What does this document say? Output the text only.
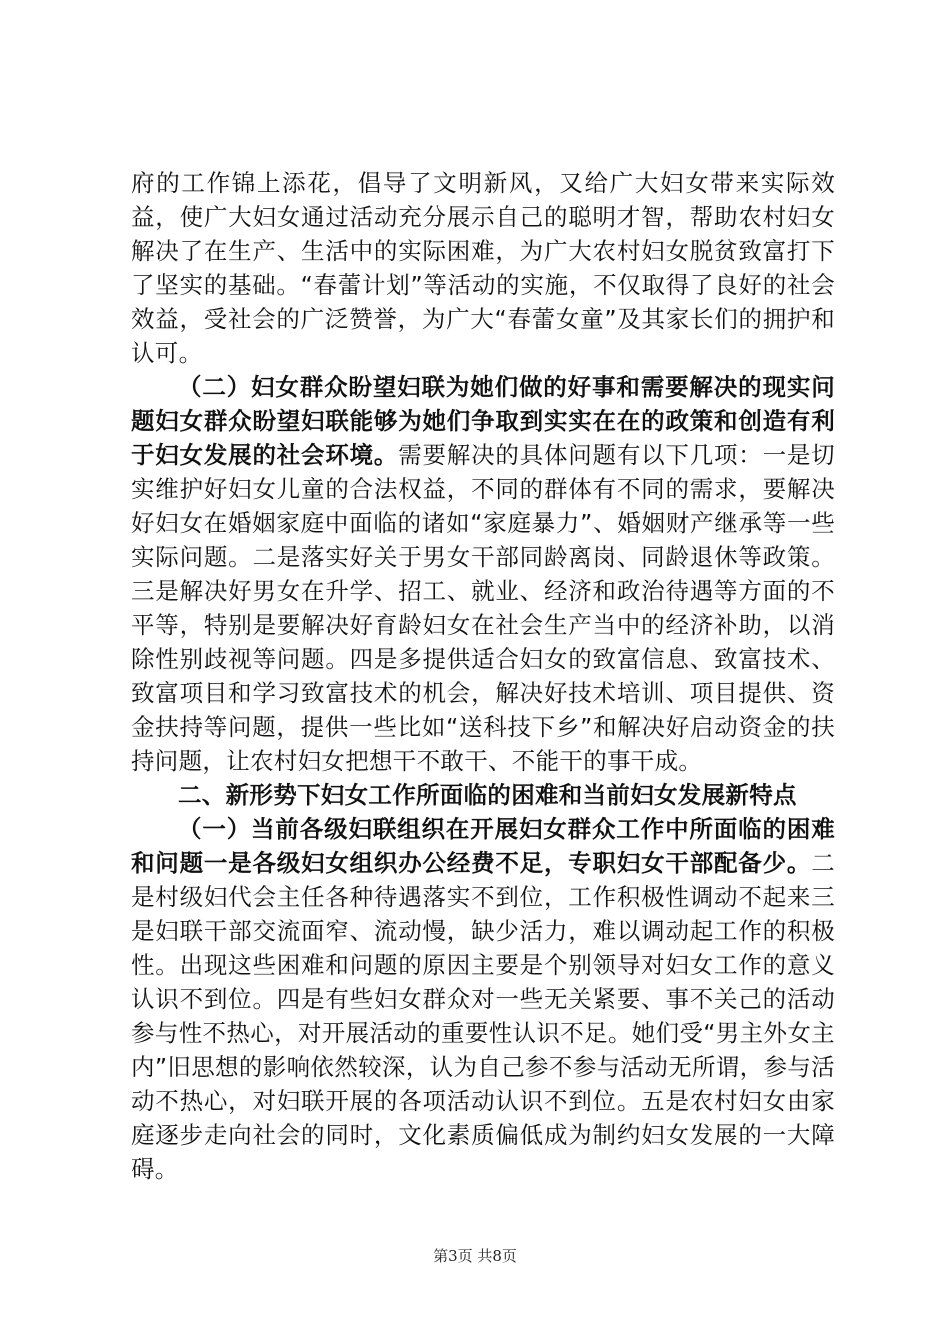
府的工作锦上添花，倡导了文明新风，又给广大妇女带来实际效益，使广大妇女通过活动充分展示自己的聪明才智，帮助农村妇女解决了在生产、生活中的实际困难，为广大农村妇女脱贫致富打下了坚实的基础。“春蕾计划”等活动的实施，不仅取得了良好的社会效益，受社会的广泛赞誉，为广大“春蕾女童”及其家长们的拥护和认可。

（二）妇女群众盼望妇联为她们做的好事和需要解决的现实问题妇女群众盼望妇联能够为她们争取到实实在在的政策和创造有利于妇女发展的社会环境。需要解决的具体问题有以下几项：一是切实维护好妇女儿童的合法权益，不同的群体有不同的需求，要解决好妇女在婚姻家庭中面临的诸如“家庭暴力”、婚姻财产继承等一些实际问题。二是落实好关于男女干部同龄离岗、同龄退休等政策。三是解决好男女在升学、招工、就业、经济和政治待遇等方面的不平等，特别是要解决好育龄妇女在社会生产当中的经济补助，以消除性别歧视等问题。四是多提供适合妇女的致富信息、致富技术、致富项目和学习致富技术的机会，解决好技术培训、项目提供、资金扶持等问题，提供一些比如“送科技下乡”和解决好启动资金的扶持问题，让农村妇女把想干不敢干、不能干的事干成。

二、新形势下妇女工作所面临的困难和当前妇女发展新特点

（一）当前各级妇联组织在开展妇女群众工作中所面临的困难和问题一是各级妇女组织办公经费不足，专职妇女干部配备少。二是村级妇代会主任各种待遇落实不到位，工作积极性调动不起来三是妇联干部交流面窄、流动慢，缺少活力，难以调动起工作的积极性。出现这些困难和问题的原因主要是个别领导对妇女工作的意义认识不到位。四是有些妇女群众对一些无关紧要、事不关己的活动参与性不热心，对开展活动的重要性认识不足。她们受“男主外女主内”旧思想的影响依然较深，认为自己参不参与活动无所谓，参与活动不热心，对妇联开展的各项活动认识不到位。五是农村妇女由家庭逐步走向社会的同时，文化素质偏低成为制约妇女发展的一大障碍。

第3页 共8页
